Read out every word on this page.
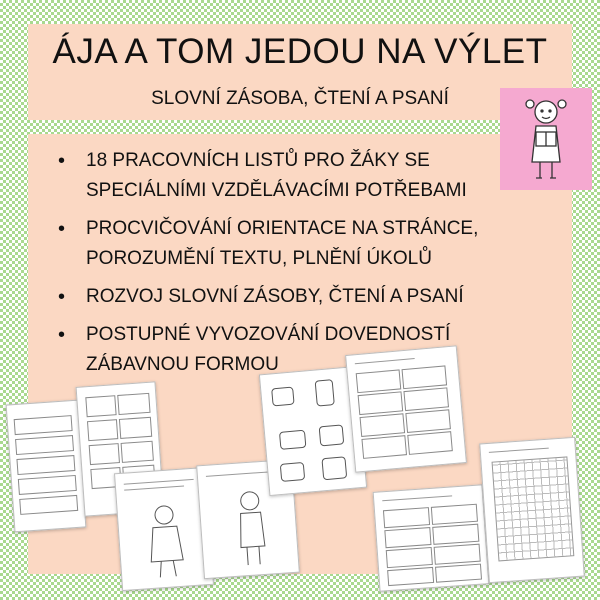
ÁJA A TOM JEDOU NA VÝLET
SLOVNÍ ZÁSOBA, ČTENÍ A PSANÍ
• 18 PRACOVNÍCH LISTŮ PRO ŽÁKY SE
SPECIÁLNÍMI VZDĚLÁVACÍMI POTŘEBAMI
• PROCVIČOVÁNÍ ORIENTACE NA STRÁNCE,
POROZUMĚNÍ TEXTU, PLNĚNÍ ÚKOLŮ
• ROZVOJ SLOVNÍ ZÁSOBY, ČTENÍ A PSANÍ
• POSTUPNÉ VYVOZOVÁNÍ DOVEDNOSTÍ
ZÁBAVNOU FORMOU
